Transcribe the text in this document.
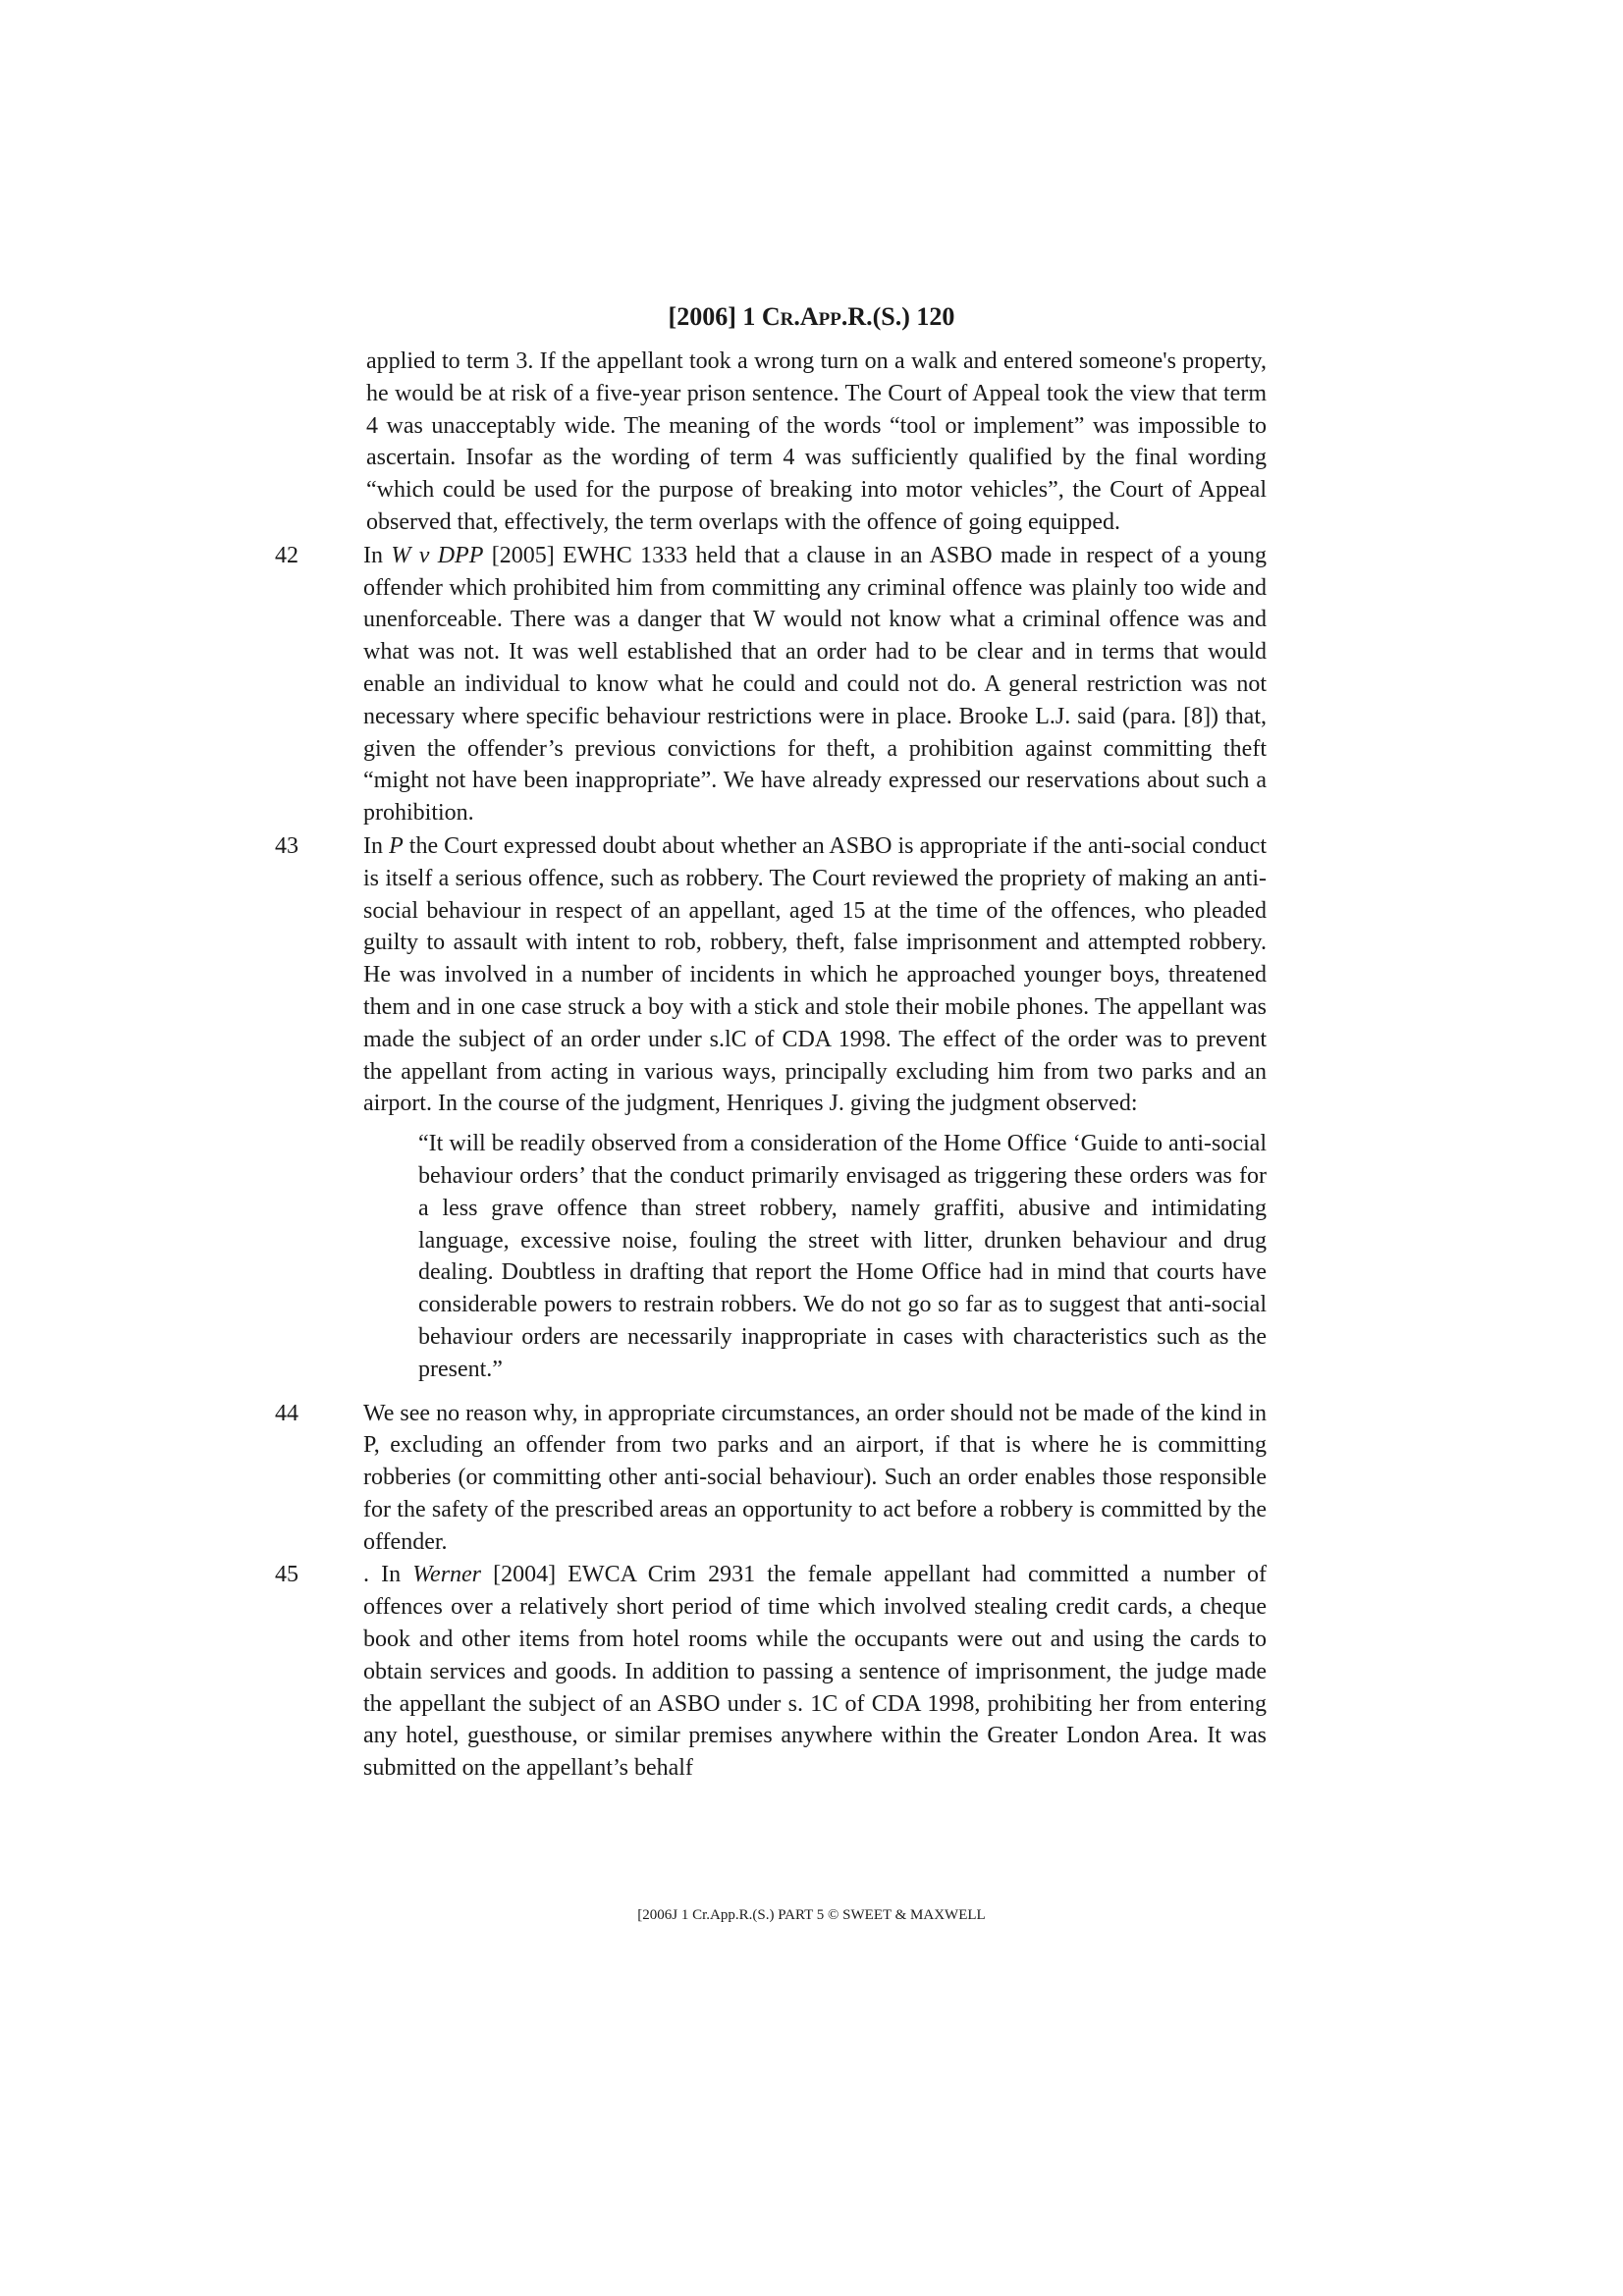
[2006] 1 CR.APP.R.(S.) 120
applied to term 3. If the appellant took a wrong turn on a walk and entered someone's property, he would be at risk of a five-year prison sentence. The Court of Appeal took the view that term 4 was unacceptably wide. The meaning of the words “tool or implement” was impossible to ascertain. Insofar as the wording of term 4 was sufficiently qualified by the final wording “which could be used for the purpose of breaking into motor vehicles”, the Court of Appeal observed that, effectively, the term overlaps with the offence of going equipped.
42	In W v DPP [2005] EWHC 1333 held that a clause in an ASBO made in respect of a young offender which prohibited him from committing any criminal offence was plainly too wide and unenforceable. There was a danger that W would not know what a criminal offence was and what was not. It was well established that an order had to be clear and in terms that would enable an individual to know what he could and could not do. A general restriction was not necessary where specific behaviour restrictions were in place. Brooke L.J. said (para. [8]) that, given the offender’s previous convictions for theft, a prohibition against committing theft “might not have been inappropriate”. We have already expressed our reservations about such a prohibition.
43	In P the Court expressed doubt about whether an ASBO is appropriate if the anti-social conduct is itself a serious offence, such as robbery. The Court reviewed the propriety of making an anti-social behaviour in respect of an appellant, aged 15 at the time of the offences, who pleaded guilty to assault with intent to rob, robbery, theft, false imprisonment and attempted robbery. He was involved in a number of incidents in which he approached younger boys, threatened them and in one case struck a boy with a stick and stole their mobile phones. The appellant was made the subject of an order under s.lC of CDA 1998. The effect of the order was to prevent the appellant from acting in various ways, principally excluding him from two parks and an airport. In the course of the judgment, Henriques J. giving the judgment observed:
“It will be readily observed from a consideration of the Home Office ‘Guide to anti-social behaviour orders’ that the conduct primarily envisaged as triggering these orders was for a less grave offence than street robbery, namely graffiti, abusive and intimidating language, excessive noise, fouling the street with litter, drunken behaviour and drug dealing. Doubtless in drafting that report the Home Office had in mind that courts have considerable powers to restrain robbers. We do not go so far as to suggest that anti-social behaviour orders are necessarily inappropriate in cases with characteristics such as the present.”
44	We see no reason why, in appropriate circumstances, an order should not be made of the kind in P, excluding an offender from two parks and an airport, if that is where he is committing robberies (or committing other anti-social behaviour). Such an order enables those responsible for the safety of the prescribed areas an opportunity to act before a robbery is committed by the offender.
45	. In Werner [2004] EWCA Crim 2931 the female appellant had committed a number of offences over a relatively short period of time which involved stealing credit cards, a cheque book and other items from hotel rooms while the occupants were out and using the cards to obtain services and goods. In addition to passing a sentence of imprisonment, the judge made the appellant the subject of an ASBO under s. 1C of CDA 1998, prohibiting her from entering any hotel, guesthouse, or similar premises anywhere within the Greater London Area. It was submitted on the appellant’s behalf
[2006J 1 Cr.App.R.(S.) PART 5 © SWEET & MAXWELL
